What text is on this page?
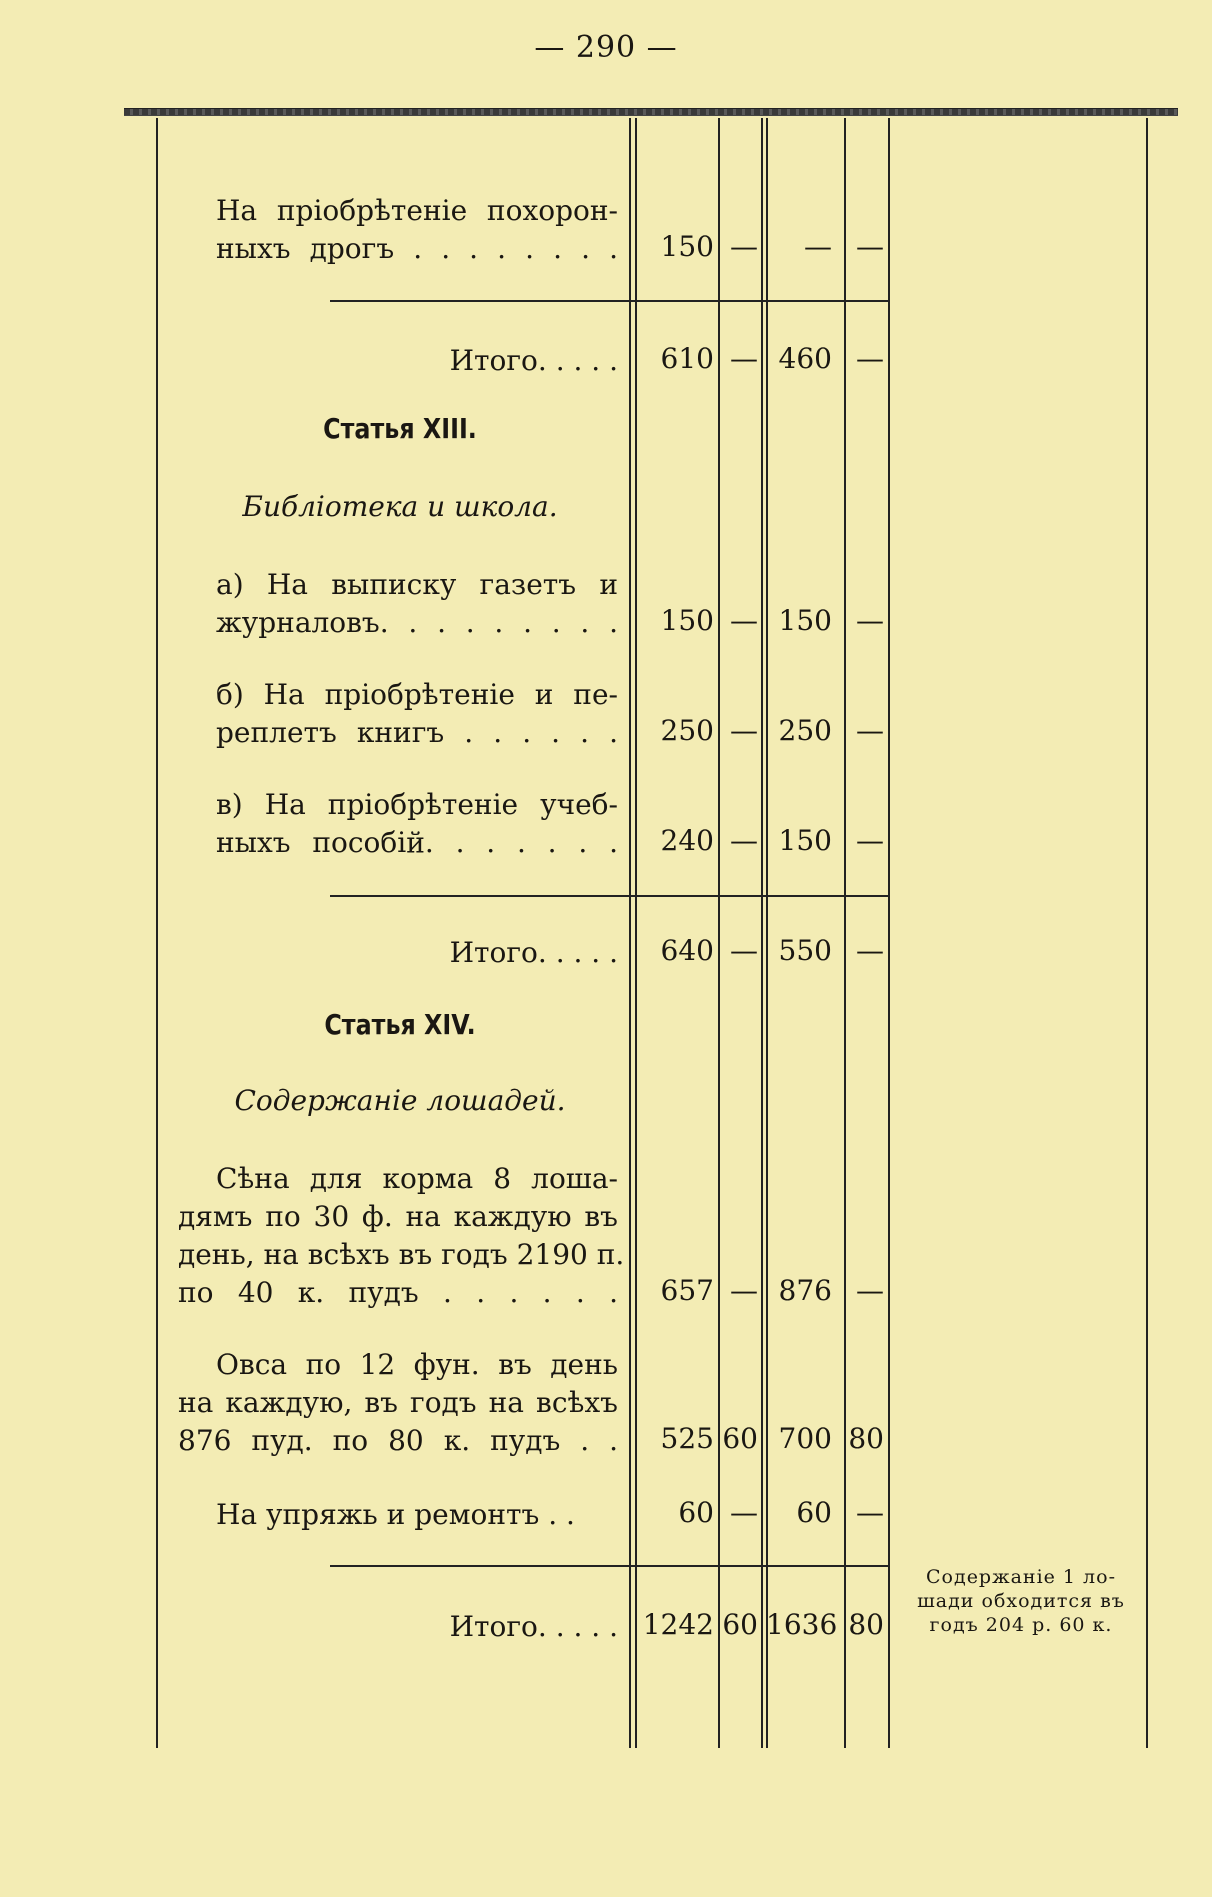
— 290 —
На пріобрѣтеніе похорон-
ныхъ дрогъ . . . . . . . .	150 —	— —
Итого. . . . .	610 — 460 —
Статья XIII.
Библіотека и школа.
а) На выписку газетъ и
журналовъ. . . . . . . . .	150 — 150 —
б) На пріобрѣтеніе и пе-
реплетъ книгъ . . . . . .	250 — 250 —
в) На пріобрѣтеніе учеб-
ныхъ пособій. . . . . . .	240 — 150 —
Итого. . . . .	640 — 550 —
Статья XIV.
Содержаніе лошадей.
Сѣна для корма 8 лоша-
дямъ по 30 ф. на каждую въ
день, на всѣхъ въ годъ 2190 п.
по 40 к. пудъ . . . . . .	657 — 876 —
Овса по 12 фун. въ день
на каждую, въ годъ на всѣхъ
876 пуд. по 80 к. пудъ . .	525 60 700 80
На упряжь и ремонтъ . .	60 —	60 —
Итого. . . . . 1242 60 1636 80
Содержаніе 1 ло-
шади обходится въ
годъ 204 р. 60 к.
